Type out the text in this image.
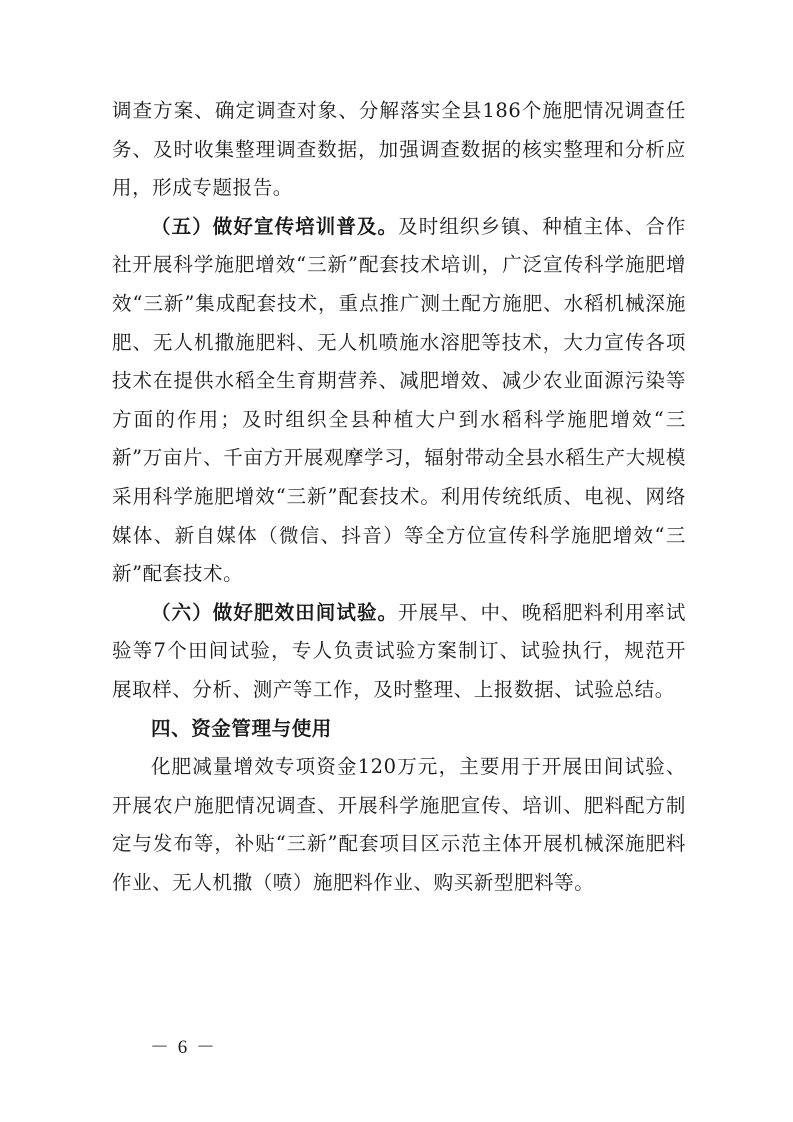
调查方案、确定调查对象、分解落实全县186个施肥情况调查任务、及时收集整理调查数据，加强调查数据的核实整理和分析应用，形成专题报告。

（五）做好宣传培训普及。及时组织乡镇、种植主体、合作社开展科学施肥增效“三新”配套技术培训，广泛宣传科学施肥增效“三新”集成配套技术，重点推广测土配方施肥、水稻机械深施肥、无人机撒施肥料、无人机喷施水溶肥等技术，大力宣传各项技术在提供水稻全生育期营养、减肥增效、减少农业面源污染等方面的作用；及时组织全县种植大户到水稻科学施肥增效“三新”万亩片、千亩方开展观摩学习，辐射带动全县水稻生产大规模采用科学施肥增效“三新”配套技术。利用传统纸质、电视、网络媒体、新自媒体（微信、抖音）等全方位宣传科学施肥增效“三新”配套技术。

（六）做好肥效田间试验。开展早、中、晚稻肥料利用率试验等7个田间试验，专人负责试验方案制订、试验执行，规范开展取样、分析、测产等工作，及时整理、上报数据、试验总结。

四、资金管理与使用

化肥减量增效专项资金120万元，主要用于开展田间试验、开展农户施肥情况调查、开展科学施肥宣传、培训、肥料配方制定与发布等，补贴“三新”配套项目区示范主体开展机械深施肥料作业、无人机撒（喷）施肥料作业、购买新型肥料等。

－ 6 －
